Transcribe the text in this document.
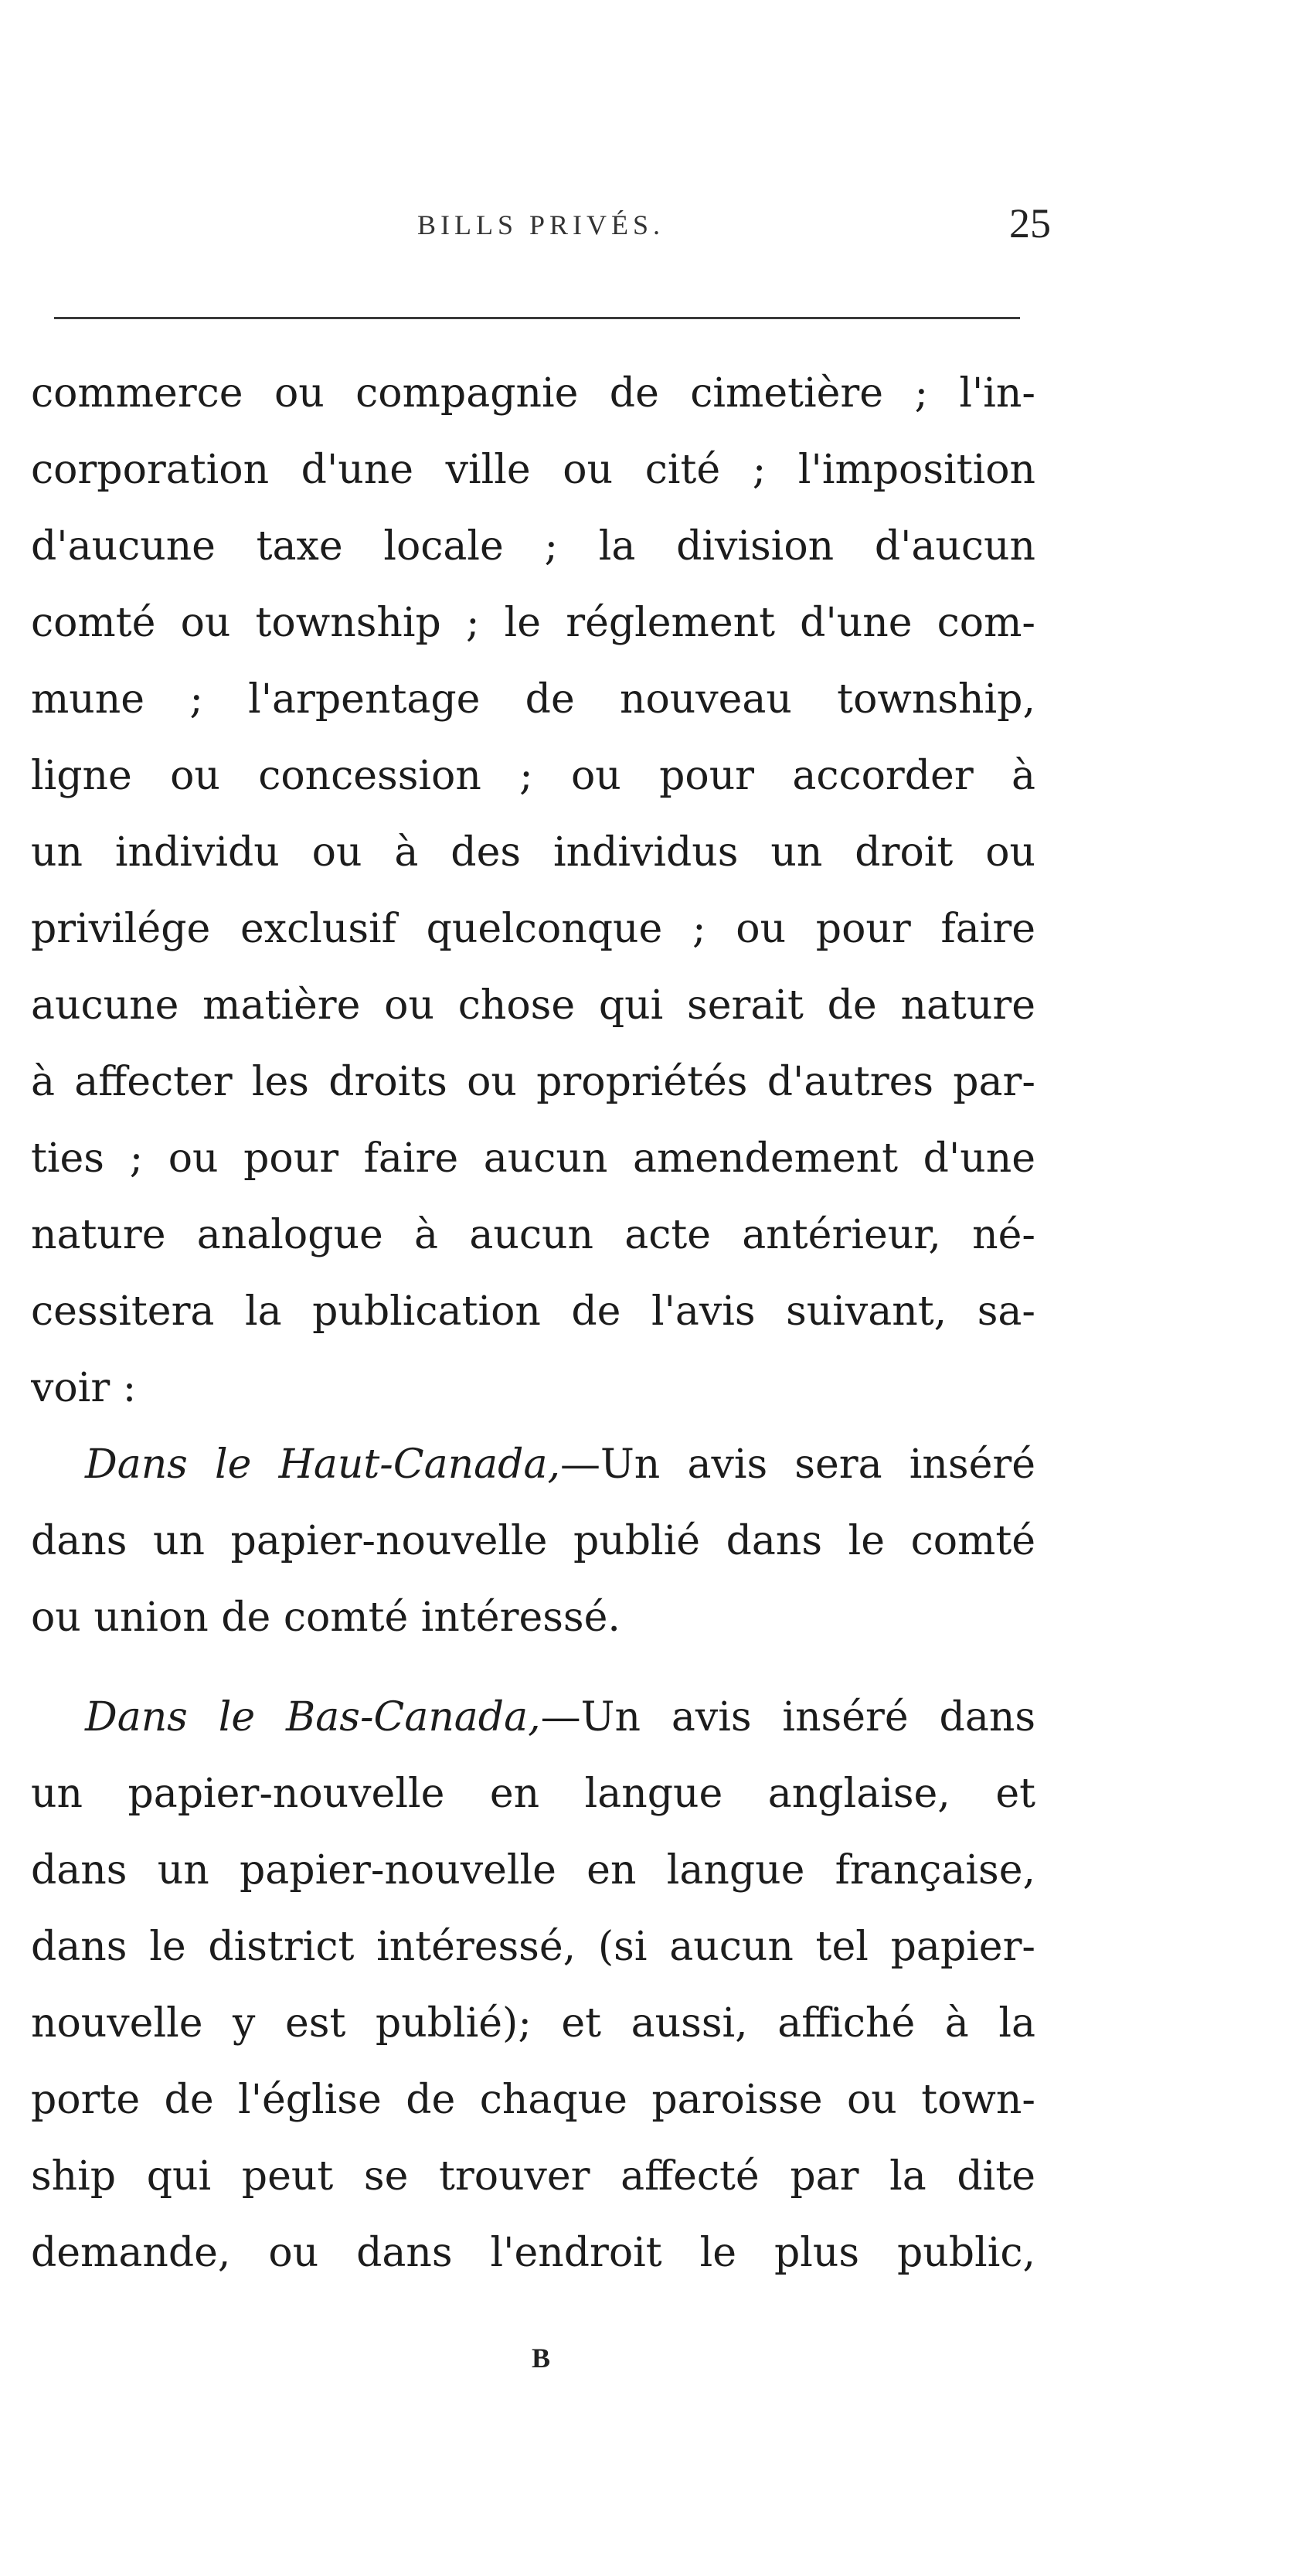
BILLS PRIVÉS.	25
commerce ou compagnie de cimetière ; l'in-
corporation d'une ville ou cité ; l'imposition
d'aucune taxe locale ; la division d'aucun
comté ou township ; le réglement d'une com-
mune ; l'arpentage de nouveau township,
ligne ou concession ; ou pour accorder à
un individu ou à des individus un droit ou
privilége exclusif quelconque ; ou pour faire
aucune matière ou chose qui serait de nature
à affecter les droits ou propriétés d'autres par-
ties ; ou pour faire aucun amendement d'une
nature analogue à aucun acte antérieur, né-
cessitera la publication de l'avis suivant, sa-
voir :
Dans le Haut-Canada,—Un avis sera inséré
dans un papier-nouvelle publié dans le comté
ou union de comté intéressé.
Dans le Bas-Canada,—Un avis inséré dans
un papier-nouvelle en langue anglaise, et
dans un papier-nouvelle en langue française,
dans le district intéressé, (si aucun tel papier-
nouvelle y est publié); et aussi, affiché à la
porte de l'église de chaque paroisse ou town-
ship qui peut se trouver affecté par la dite
demande, ou dans l'endroit le plus public,
B
